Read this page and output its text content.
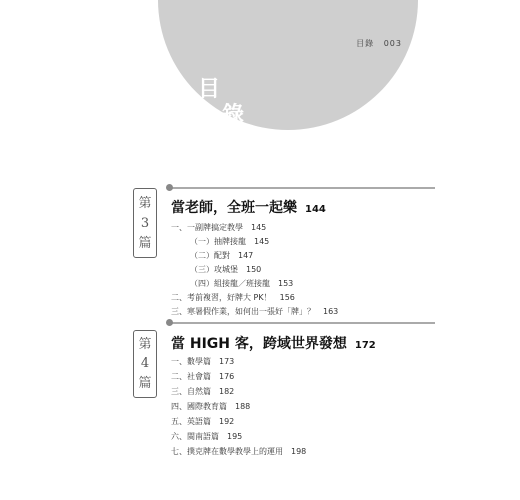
目錄 003
目
錄
第
3
篇
當老師，全班一起樂 144
一、一副牌搞定教學 145
（一）抽牌接龍 145
（二）配對 147
（三）攻城堡 150
（四）組接龍／班接龍 153
二、考前複習，好牌大 PK！ 156
三、寒暑假作業，如何出一張好「牌」？ 163
第
4
篇
當 HIGH 客，跨域世界發想 172
一、數學篇 173
二、社會篇 176
三、自然篇 182
四、國際教育篇 188
五、英語篇 192
六、閩南語篇 195
七、撲克牌在數學教學上的運用 198
